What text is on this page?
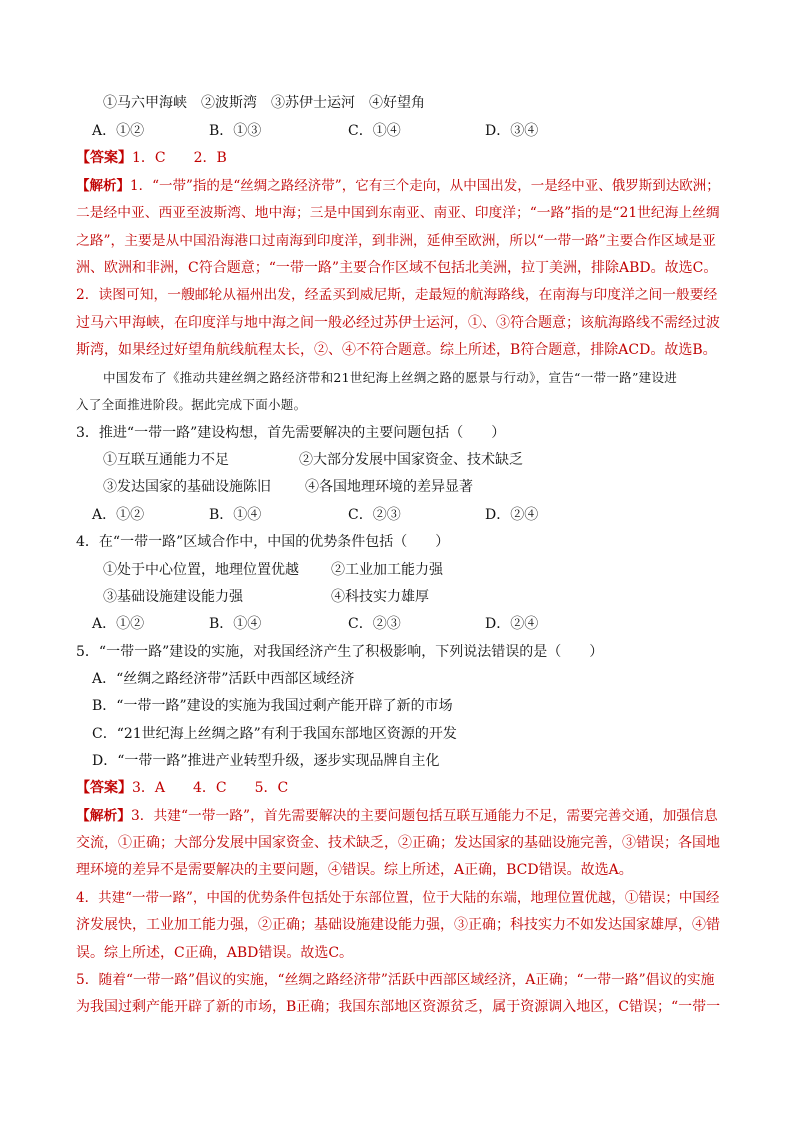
①马六甲海峡　②波斯湾　③苏伊士运河　④好望角
A．①②	B．①③	C．①④	D．③④
【答案】1．C　　2．B
【解析】1．“一带”指的是“丝绸之路经济带”，它有三个走向，从中国出发，一是经中亚、俄罗斯到达欧洲；
二是经中亚、西亚至波斯湾、地中海；三是中国到东南亚、南亚、印度洋；“一路”指的是“21世纪海上丝绸
之路”，主要是从中国沿海港口过南海到印度洋，到非洲，延伸至欧洲，所以“一带一路”主要合作区域是亚
洲、欧洲和非洲，C符合题意；“一带一路”主要合作区域不包括北美洲，拉丁美洲，排除ABD。故选C。
2．读图可知，一艘邮轮从福州出发，经孟买到威尼斯，走最短的航海路线，在南海与印度洋之间一般要经
过马六甲海峡，在印度洋与地中海之间一般必经过苏伊士运河，①、③符合题意；该航海路线不需经过波
斯湾，如果经过好望角航线航程太长，②、④不符合题意。综上所述，B符合题意，排除ACD。故选B。
中国发布了《推动共建丝绸之路经济带和21世纪海上丝绸之路的愿景与行动》，宣告“一带一路”建设进
入了全面推进阶段。据此完成下面小题。
3．推进“一带一路”建设构想，首先需要解决的主要问题包括（　　）
①互联互通能力不足	②大部分发展中国家资金、技术缺乏
③发达国家的基础设施陈旧 ④各国地理环境的差异显著
A．①②	B．①④	C．②③	D．②④
4．在“一带一路”区域合作中，中国的优势条件包括（　　）
①处于中心位置，地理位置优越 ②工业加工能力强
③基础设施建设能力强	④科技实力雄厚
A．①②	B．①④	C．②③	D．②④
5．“一带一路”建设的实施，对我国经济产生了积极影响，下列说法错误的是（　　）
A．“丝绸之路经济带”活跃中西部区域经济
B．“一带一路”建设的实施为我国过剩产能开辟了新的市场
C．“21世纪海上丝绸之路”有利于我国东部地区资源的开发
D．“一带一路”推进产业转型升级，逐步实现品牌自主化
【答案】3．A　　4．C　　5．C
【解析】3．共建“一带一路”，首先需要解决的主要问题包括互联互通能力不足，需要完善交通，加强信息
交流，①正确；大部分发展中国家资金、技术缺乏，②正确；发达国家的基础设施完善，③错误；各国地
理环境的差异不是需要解决的主要问题，④错误。综上所述，A正确，BCD错误。故选A。
4．共建“一带一路”，中国的优势条件包括处于东部位置，位于大陆的东端，地理位置优越，①错误；中国经
济发展快，工业加工能力强，②正确；基础设施建设能力强，③正确；科技实力不如发达国家雄厚，④错
误。综上所述，C正确，ABD错误。故选C。
5．随着“一带一路”倡议的实施，“丝绸之路经济带”活跃中西部区域经济，A正确；“一带一路”倡议的实施
为我国过剩产能开辟了新的市场，B正确；我国东部地区资源贫乏，属于资源调入地区，C错误；“一带一
